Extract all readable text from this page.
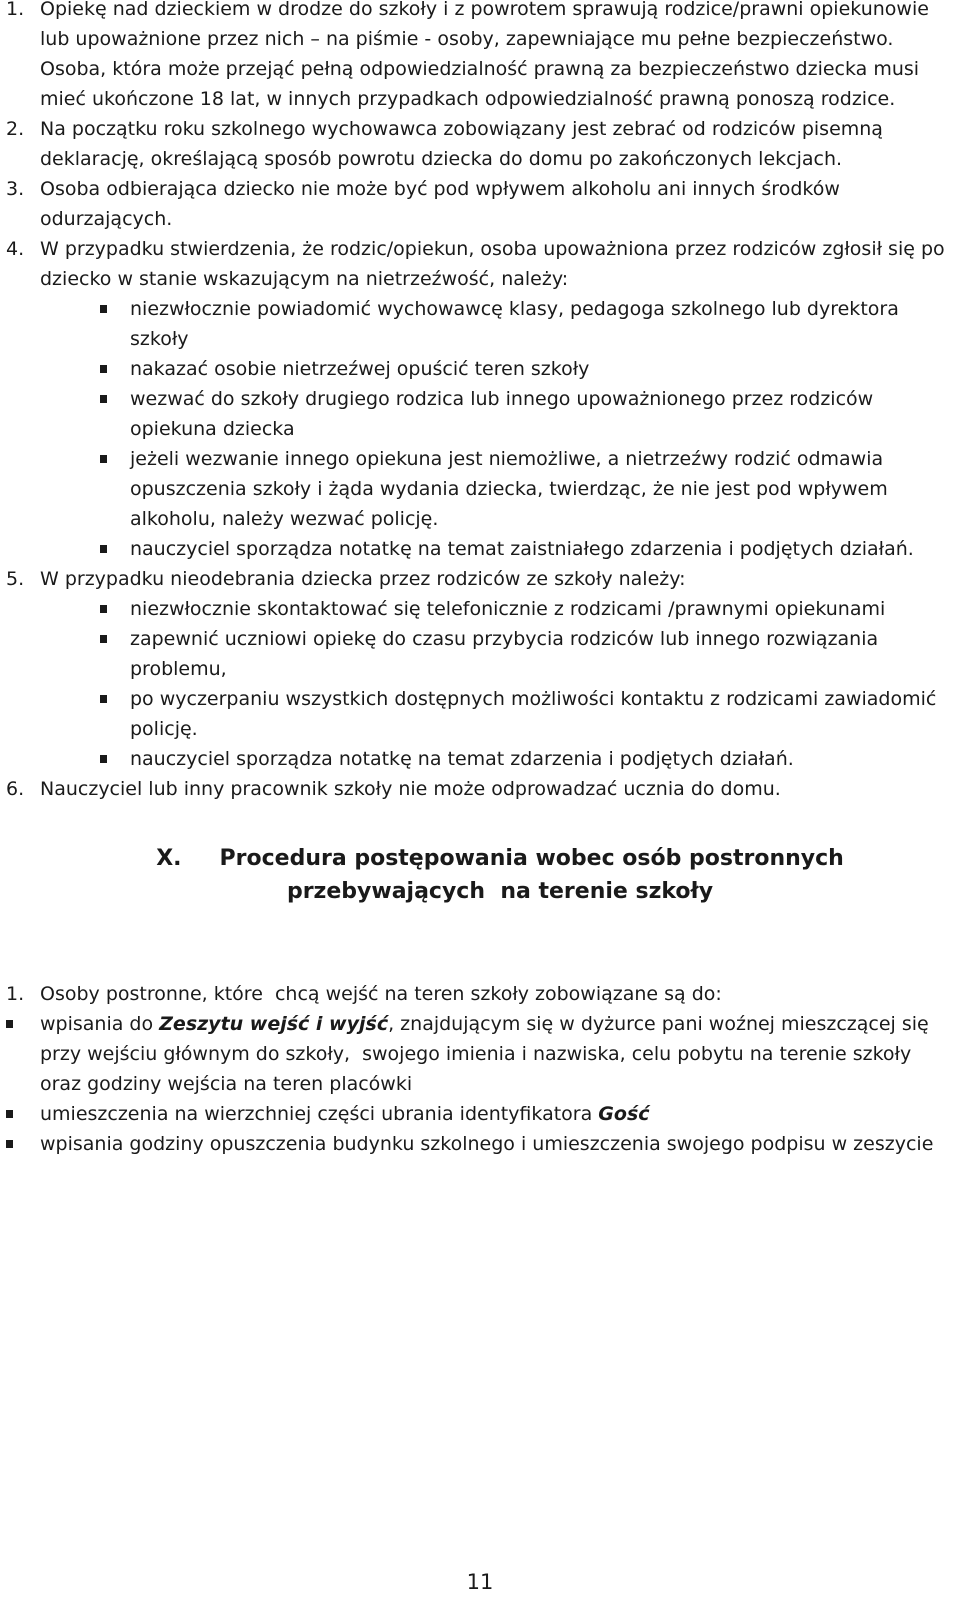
1. Opiekę nad dzieckiem w drodze do szkoły i z powrotem sprawują rodzice/prawni opiekunowie lub upoważnione przez nich – na piśmie - osoby, zapewniające mu pełne bezpieczeństwo. Osoba, która może przejąć pełną odpowiedzialność prawną za bezpieczeństwo dziecka musi mieć ukończone 18 lat, w innych przypadkach odpowiedzialność prawną ponoszą rodzice.
2. Na początku roku szkolnego wychowawca zobowiązany jest zebrać od rodziców pisemną deklarację, określającą sposób powrotu dziecka do domu po zakończonych lekcjach.
3. Osoba odbierająca dziecko nie może być pod wpływem alkoholu ani innych środków odurzających.
4. W przypadku stwierdzenia, że rodzic/opiekun, osoba upoważniona przez rodziców zgłosił się po dziecko w stanie wskazującym na nietrzeźwość, należy:
niezwłocznie powiadomić wychowawcę klasy, pedagoga szkolnego lub dyrektora szkoły
nakazać osobie nietrzeźwej opuścić teren szkoły
wezwać do szkoły drugiego rodzica lub innego upoważnionego przez rodziców opiekuna dziecka
jeżeli wezwanie innego opiekuna jest niemożliwe, a nietrzeźwy rodzić odmawia opuszczenia szkoły i żąda wydania dziecka, twierdząc, że nie jest pod wpływem alkoholu, należy wezwać policję.
nauczyciel sporządza notatkę na temat zaistniałego zdarzenia i podjętych działań.
5. W przypadku nieodebrania dziecka przez rodziców ze szkoły należy:
niezwłocznie skontaktować się telefonicznie z rodzicami /prawnymi opiekunami
zapewnić uczniowi opiekę do czasu przybycia rodziców lub innego rozwiązania problemu,
po wyczerpaniu wszystkich dostępnych możliwości kontaktu z rodzicami zawiadomić policję.
nauczyciel sporządza notatkę na temat zdarzenia i podjętych działań.
6. Nauczyciel lub inny pracownik szkoły nie może odprowadzać ucznia do domu.
X. Procedura postępowania wobec osób postronnych
przebywających  na terenie szkoły
1. Osoby postronne, które  chcą wejść na teren szkoły zobowiązane są do:
wpisania do Zeszytu wejść i wyjść, znajdującym się w dyżurce pani woźnej mieszczącej się przy wejściu głównym do szkoły,  swojego imienia i nazwiska, celu pobytu na terenie szkoły oraz godziny wejścia na teren placówki
umieszczenia na wierzchniej części ubrania identyfikatora Gość
wpisania godziny opuszczenia budynku szkolnego i umieszczenia swojego podpisu w zeszycie
11
